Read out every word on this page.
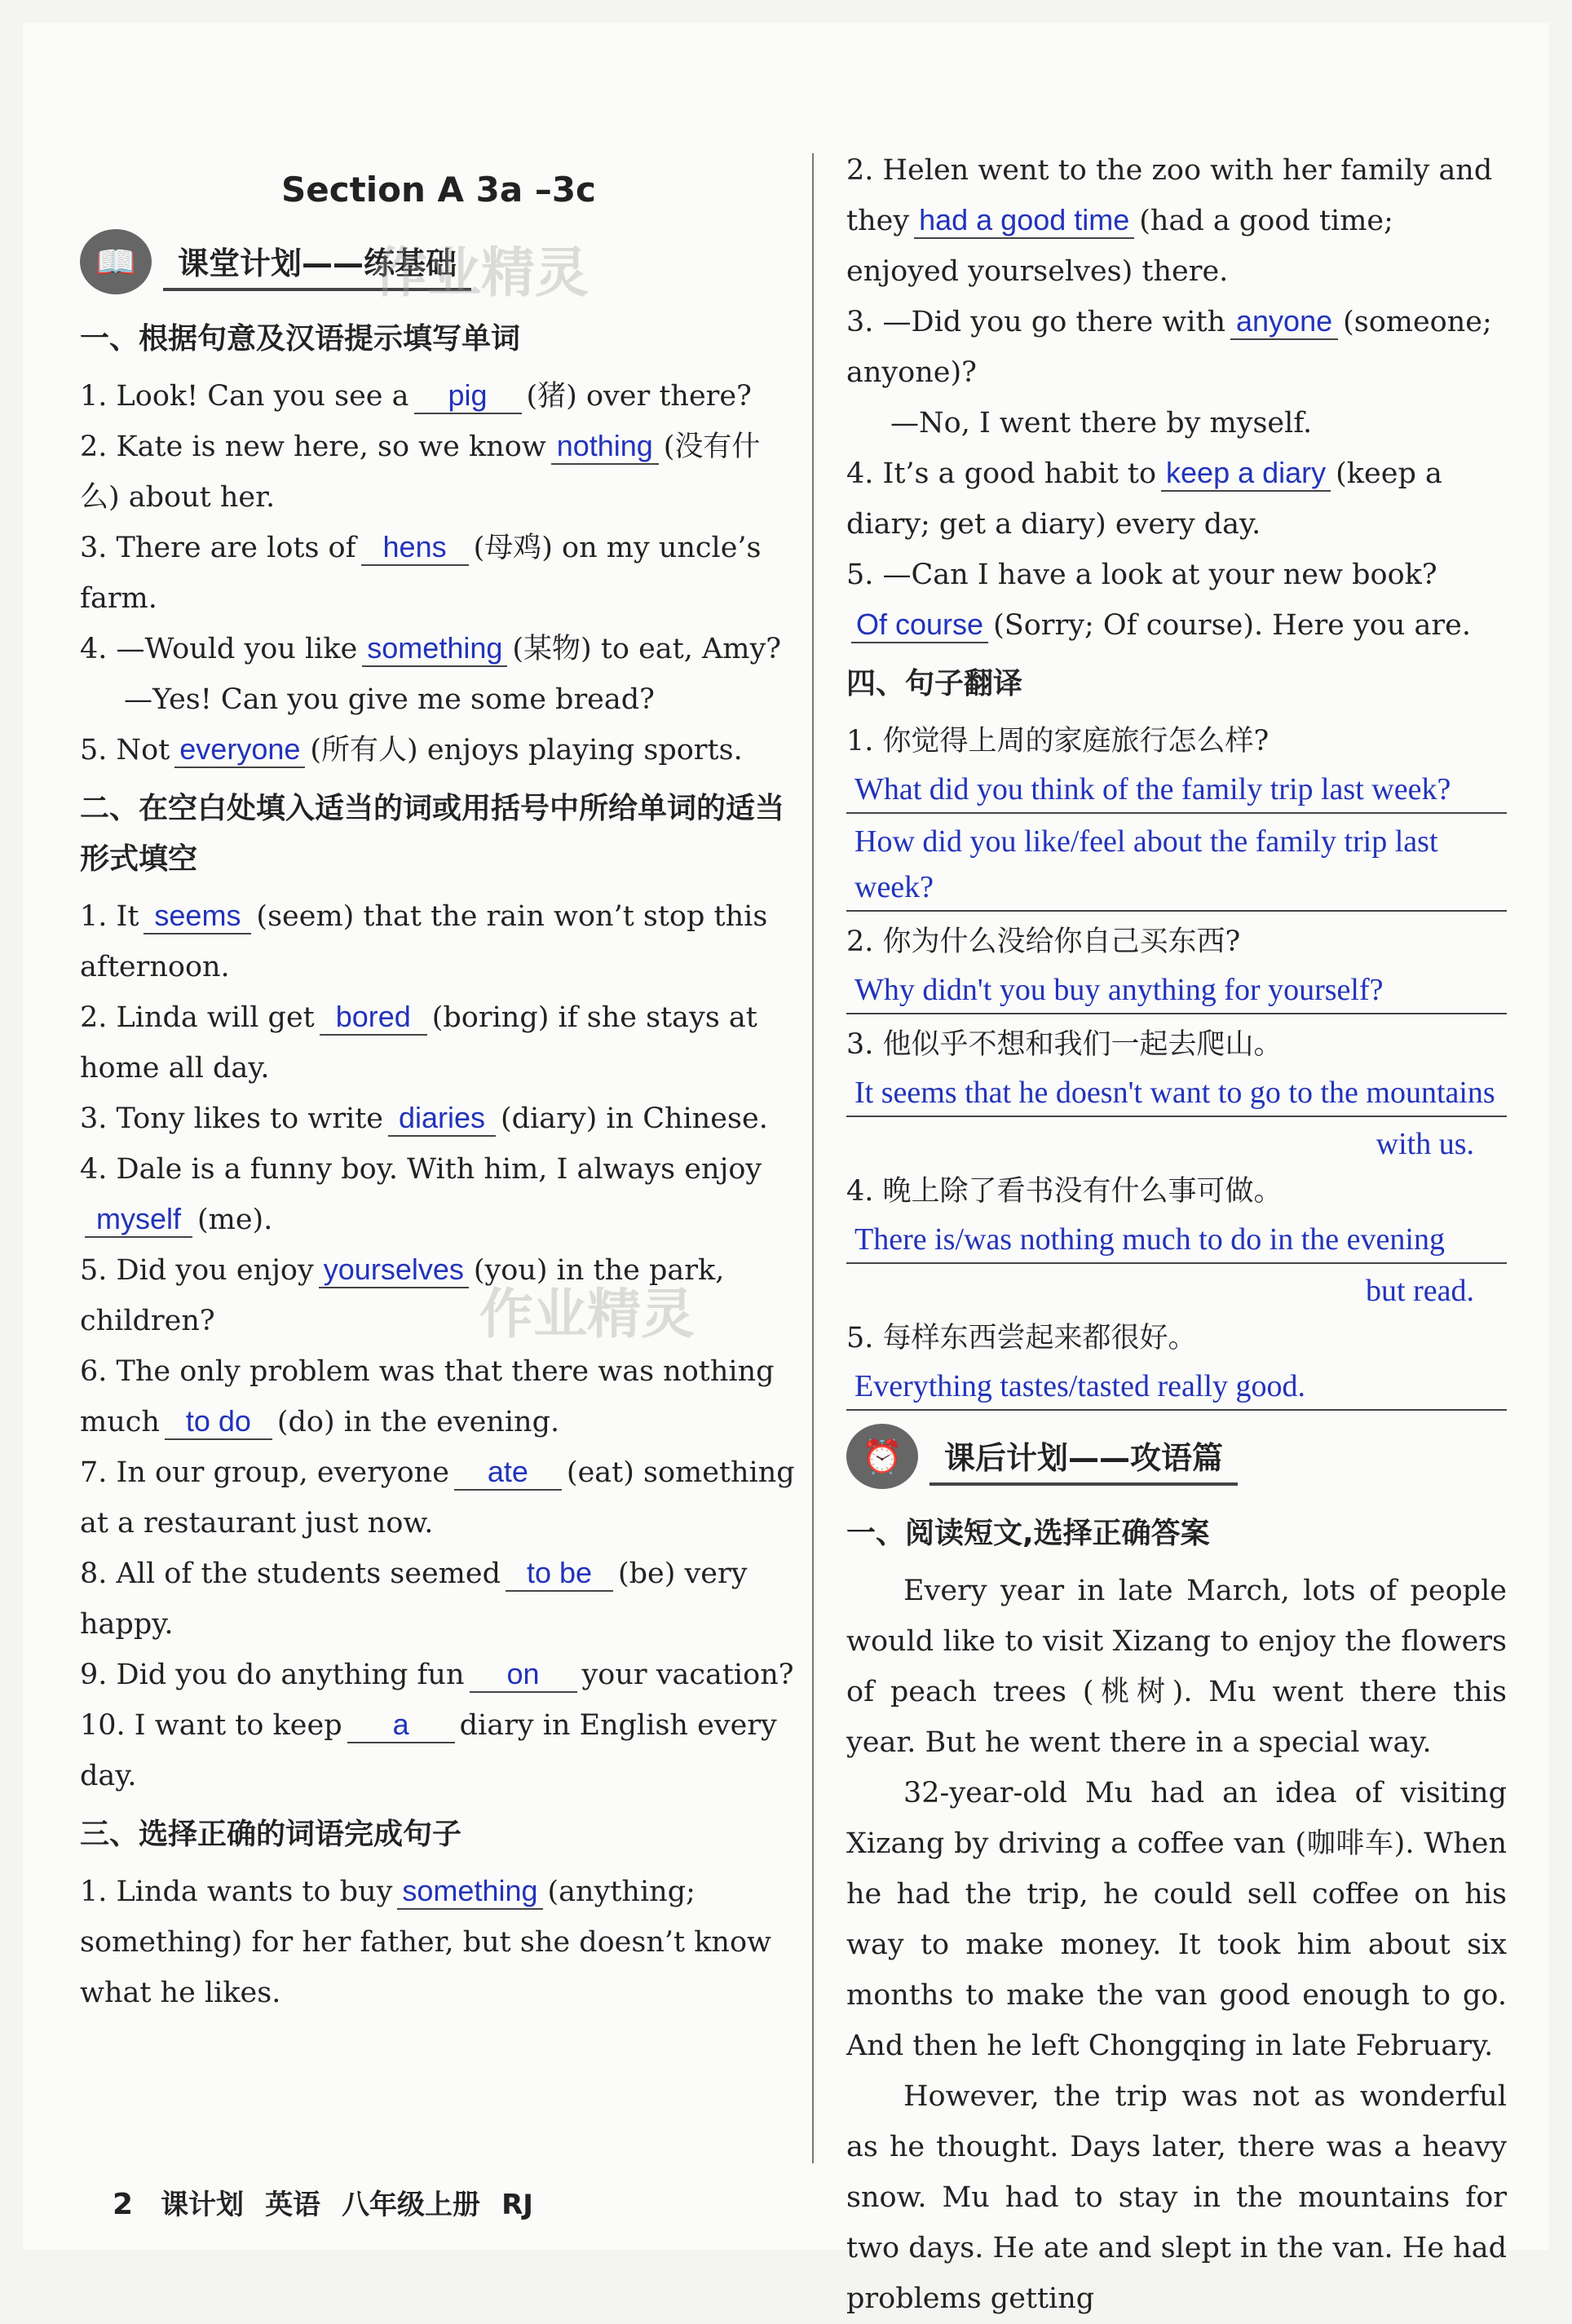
Section A 3a –3c
📖	课堂计划——练基础
作业精灵
一、根据句意及汉语提示填写单词
1. Look! Can you see a pig (猪) over there?
2. Kate is new here, so we know nothing (没有什么) about her.
3. There are lots of hens (母鸡) on my uncle’s farm.
4. —Would you like something (某物) to eat, Amy?
—Yes! Can you give me some bread?
5. Not everyone (所有人) enjoys playing sports.
二、在空白处填入适当的词或用括号中所给单词的适当形式填空
1. It seems (seem) that the rain won’t stop this afternoon.
2. Linda will get bored (boring) if she stays at home all day.
3. Tony likes to write diaries (diary) in Chinese.
4. Dale is a funny boy. With him, I always enjoymyself (me).
5. Did you enjoy yourselves (you) in the park, children?
6. The only problem was that there was nothing much to do (do) in the evening.
7. In our group, everyone ate (eat) something at a restaurant just now.
8. All of the students seemed to be (be) very happy.
9. Did you do anything fun on your vacation?
10. I want to keep a diary in English every day.
三、选择正确的词语完成句子
1. Linda wants to buy something (anything; something) for her father, but she doesn’t know what he likes.
2. Helen went to the zoo with her family and they had a good time (had a good time; enjoyed yourselves) there.
3. —Did you go there with anyone (someone; anyone)?
—No, I went there by myself.
4. It’s a good habit to keep a diary (keep a diary; get a diary) every day.
5. —Can I have a look at your new book?Of course (Sorry; Of course). Here you are.
四、句子翻译
1. 你觉得上周的家庭旅行怎么样?
What did you think of the family trip last week?
How did you like/feel about the family trip last week?
2. 你为什么没给你自己买东西?
Why didn't you buy anything for yourself?
3. 他似乎不想和我们一起去爬山。
It seems that he doesn't want to go to the mountains
with us.
4. 晚上除了看书没有什么事可做。
There is/was nothing much to do in the evening
but read.
5. 每样东西尝起来都很好。
Everything tastes/tasted really good.
⏰	课后计划——攻语篇
一、阅读短文,选择正确答案
Every year in late March, lots of people would like to visit Xizang to enjoy the flowers of peach trees (桃树). Mu went there this year. But he went there in a special way.
32-year-old Mu had an idea of visiting Xizang by driving a coffee van (咖啡车). When he had the trip, he could sell coffee on his way to make money. It took him about six months to make the van good enough to go. And then he left Chongqing in late February.
However, the trip was not as wonderful as he thought. Days later, there was a heavy snow. Mu had to stay in the mountains for two days. He ate and slept in the van. He had problems getting
作业精灵
2 课计划 英语 八年级上册 RJ
